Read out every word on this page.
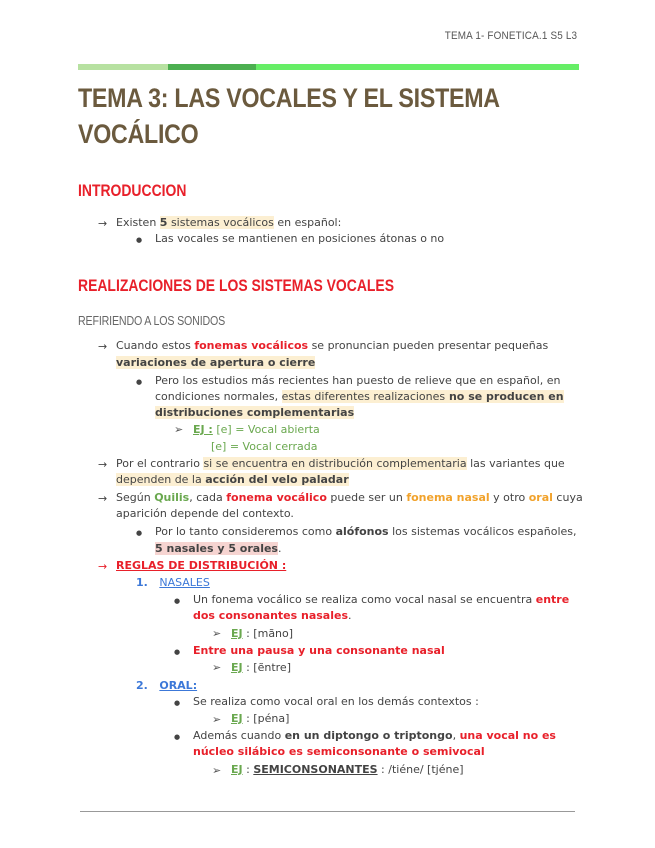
TEMA 1- FONETICA.1 S5 L3
TEMA 3: LAS VOCALES Y EL SISTEMA VOCÁLICO
INTRODUCCION
→ Existen 5 sistemas vocálicos en español:
● Las vocales se mantienen en posiciones átonas o no
REALIZACIONES DE LOS SISTEMAS VOCALES
REFIRIENDO A LOS SONIDOS
→ Cuando estos fonemas vocálicos se pronuncian pueden presentar pequeñas
variaciones de apertura o cierre
● Pero los estudios más recientes han puesto de relieve que en español, en
condiciones normales, estas diferentes realizaciones no se producen en
distribuciones complementarias
➢ EJ : [e] = Vocal abierta
[e] = Vocal cerrada
→ Por el contrario si se encuentra en distribución complementaria las variantes que
dependen de la acción del velo paladar
→ Según Quilis, cada fonema vocálico puede ser un fonema nasal y otro oral cuya
aparición depende del contexto.
● Por lo tanto consideremos como alófonos los sistemas vocálicos españoles,
5 nasales y 5 orales.
→ REGLAS DE DISTRIBUCIÓN :
1. NASALES
● Un fonema vocálico se realiza como vocal nasal se encuentra entre
dos consonantes nasales.
➢ EJ : [mãno]
● Entre una pausa y una consonante nasal
➢ EJ : [ẽntre]
2. ORAL:
● Se realiza como vocal oral en los demás contextos :
➢ EJ : [péna]
● Además cuando en un diptongo o triptongo, una vocal no es
núcleo silábico es semiconsonante o semivocal
➢ EJ : SEMICONSONANTES : /tiéne/ [tjéne]
